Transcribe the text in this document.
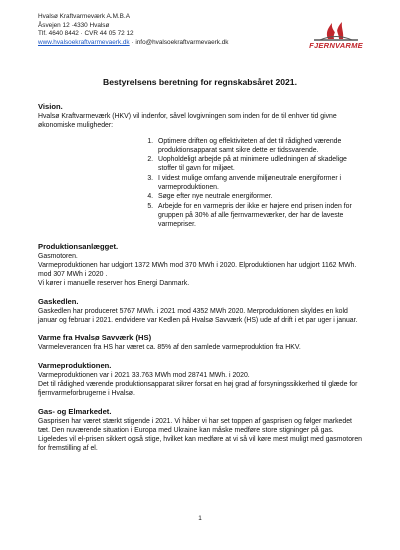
Hvalsø Kraftvarmeværk A.M.B.A
Åsvejen 12 ·4330 Hvalsø
Tlf. 4640 8442 · CVR 44 05 72 12
www.hvalsoekraftvarmevaerk.dk · info@hvalsoekraftvarmevaerk.dk	FJERNVARME
Bestyrelsens beretning for regnskabsåret 2021.
Vision.

Hvalsø Kraftvarmeværk (HKV) vil indenfor, såvel lovgivningen som inden for de til enhver tid givne økonomiske muligheder:

1. Optimere driften og effektiviteten af det til rådighed værende produktionsapparat samt sikre dette er tidssvarende.
2. Uopholdeligt arbejde på at minimere udledningen af skadelige stoffer til gavn for miljøet.
3. I videst mulige omfang anvende miljøneutrale energiformer i varmeproduktionen.
4. Søge efter nye neutrale energiformer.
5. Arbejde for en varmepris der ikke er højere end prisen inden for gruppen på 30% af alle fjernvarmeværker, der har de laveste varmepriser.
Produktionsanlægget.

Gasmotoren.

Varmeproduktionen har udgjort 1372 MWh mod 370 MWh i 2020. Elproduktionen har udgjort 1162 MWh. mod 307 MWh i 2020 .

Vi kører i manuelle reserver hos Energi Danmark.

Gaskedlen.

Gaskedlen har produceret 5767 MWh. i 2021 mod 4352 MWh 2020. Merproduktionen skyldes en kold januar og februar i 2021. endvidere var Kedlen på Hvalsø Savværk (HS) ude af drift i et par uger i januar.

Varme fra Hvalsø Savværk (HS)

Varmeleverancen fra HS har været ca. 85% af den samlede varmeproduktion fra HKV.

Varmeproduktionen.

Varmeproduktionen var i 2021 33.763 MWh mod 28741 MWh. i 2020.

Det til rådighed værende produktionsapparat sikrer forsat en høj grad af forsyningssikkerhed til glæde for fjernvarmeforbrugerne i Hvalsø.

Gas- og Elmarkedet.

Gasprisen har været stærkt stigende i 2021. Vi håber vi har set toppen af gasprisen og følger markedet tæt. Den nuværende situation i Europa med Ukraine kan måske medføre store stigninger på gas. Ligeledes vil el-prisen sikkert også stige, hvilket kan medføre at vi så vil køre mest muligt med gasmotoren for fremstilling af el.

1
